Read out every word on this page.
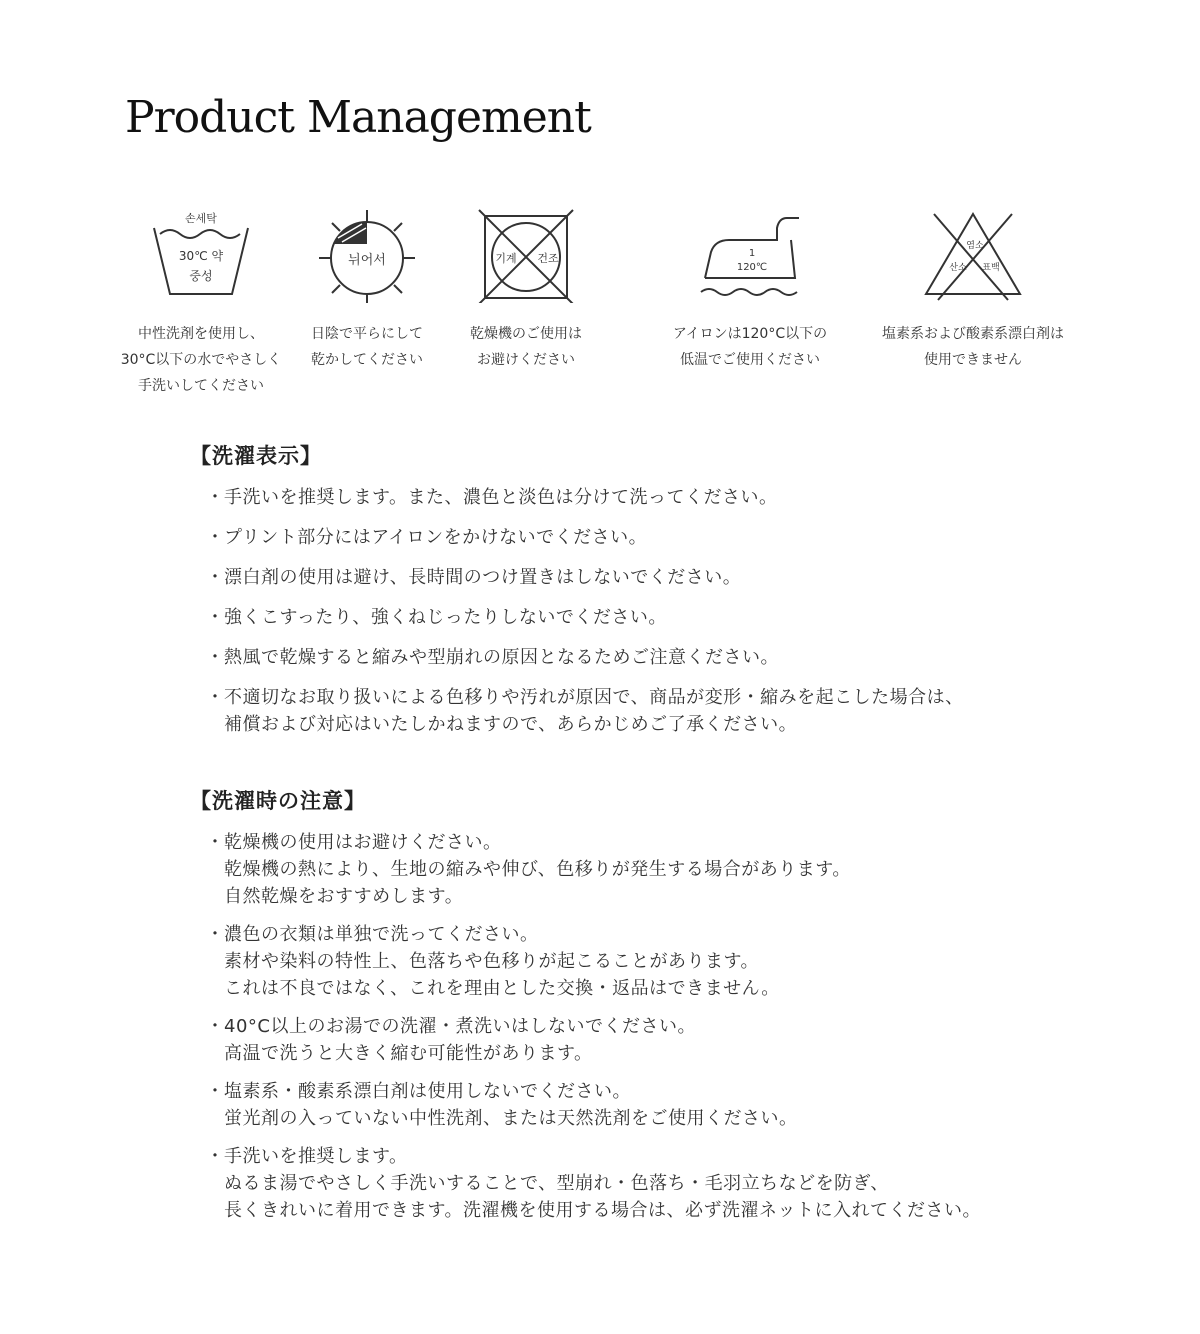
Product Management
손세탁
30℃ 약
중성
中性洗剤を使用し、
30°C以下の水でやさしく
手洗いしてください
뉘어서
日陰で平らにして
乾かしてください
기계 건조
乾燥機のご使用は
お避けください
1
120℃
アイロンは120°C以下の
低温でご使用ください
염소
산소 표백
塩素系および酸素系漂白剤は
使用できません
【洗濯表示】
・ 手洗いを推奨します。また、濃色と淡色は分けて洗ってください。
・ プリント部分にはアイロンをかけないでください。
・ 漂白剤の使用は避け、長時間のつけ置きはしないでください。
・ 強くこすったり、強くねじったりしないでください。
・ 熱風で乾燥すると縮みや型崩れの原因となるためご注意ください。
・ 不適切なお取り扱いによる色移りや汚れが原因で、商品が変形・縮みを起こした場合は、
補償および対応はいたしかねますので、あらかじめご了承ください。
【洗濯時の注意】
・ 乾燥機の使用はお避けください。
乾燥機の熱により、生地の縮みや伸び、色移りが発生する場合があります。
自然乾燥をおすすめします。
・ 濃色の衣類は単独で洗ってください。
素材や染料の特性上、色落ちや色移りが起こることがあります。
これは不良ではなく、これを理由とした交換・返品はできません。
・ 40°C以上のお湯での洗濯・煮洗いはしないでください。
高温で洗うと大きく縮む可能性があります。
・ 塩素系・酸素系漂白剤は使用しないでください。
蛍光剤の入っていない中性洗剤、または天然洗剤をご使用ください。
・ 手洗いを推奨します。
ぬるま湯でやさしく手洗いすることで、型崩れ・色落ち・毛羽立ちなどを防ぎ、
長くきれいに着用できます。洗濯機を使用する場合は、必ず洗濯ネットに入れてください。
